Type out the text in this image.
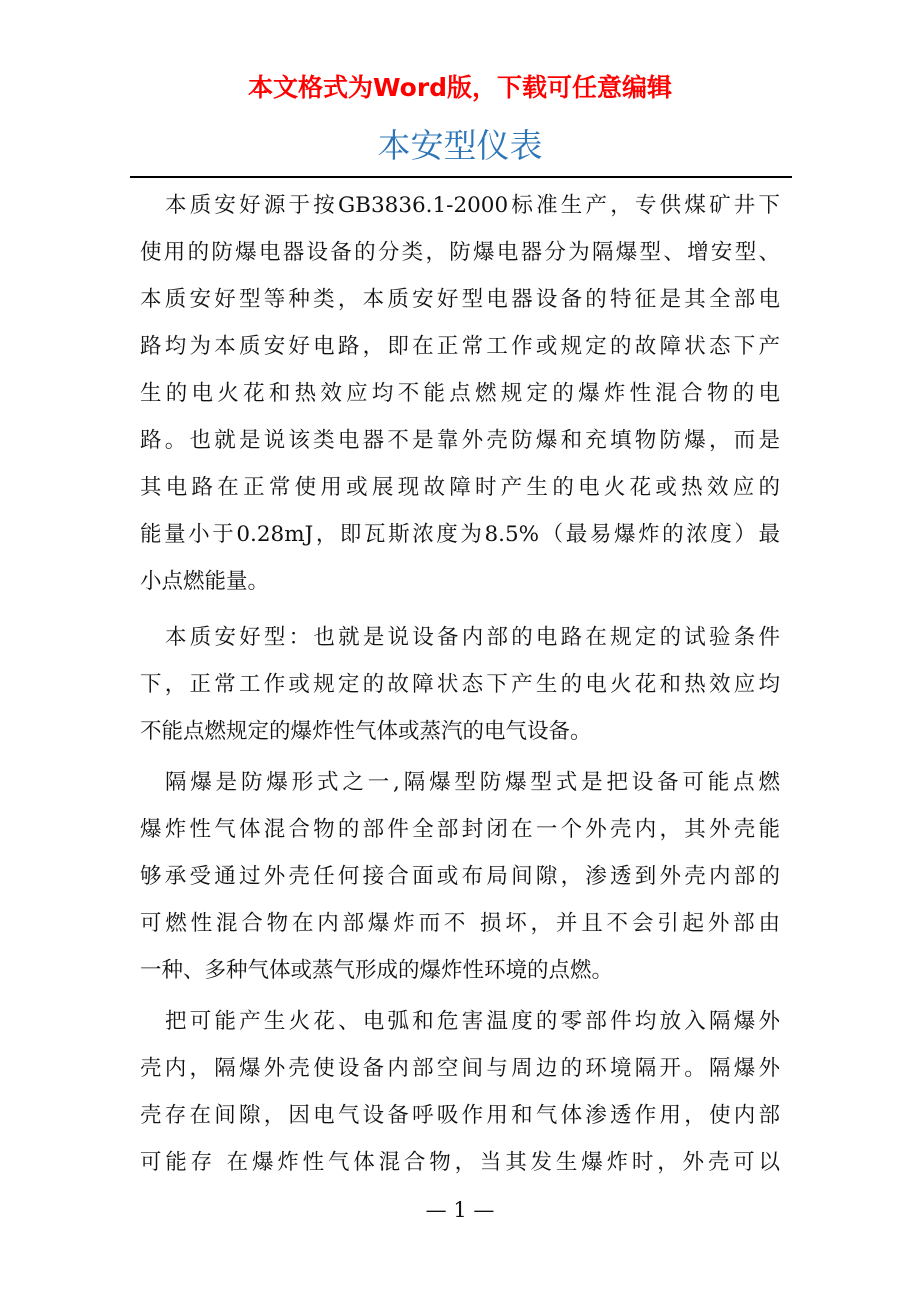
本文格式为Word版，下载可任意编辑
本安型仪表
本质安好源于按GB3836.1-2000标准生产，专供煤矿井下
使用的防爆电器设备的分类，防爆电器分为隔爆型、增安型、
本质安好型等种类，本质安好型电器设备的特征是其全部电
路均为本质安好电路，即在正常工作或规定的故障状态下产
生的电火花和热效应均不能点燃规定的爆炸性混合物的电
路。也就是说该类电器不是靠外壳防爆和充填物防爆，而是
其电路在正常使用或展现故障时产生的电火花或热效应的
能量小于0.28mJ，即瓦斯浓度为8.5%（最易爆炸的浓度）最
小点燃能量。
本质安好型：也就是说设备内部的电路在规定的试验条件
下，正常工作或规定的故障状态下产生的电火花和热效应均
不能点燃规定的爆炸性气体或蒸汽的电气设备。
隔爆是防爆形式之一,隔爆型防爆型式是把设备可能点燃
爆炸性气体混合物的部件全部封闭在一个外壳内，其外壳能
够承受通过外壳任何接合面或布局间隙，渗透到外壳内部的
可燃性混合物在内部爆炸而不 损坏，并且不会引起外部由
一种、多种气体或蒸气形成的爆炸性环境的点燃。
把可能产生火花、电弧和危害温度的零部件均放入隔爆外
壳内，隔爆外壳使设备内部空间与周边的环境隔开。隔爆外
壳存在间隙，因电气设备呼吸作用和气体渗透作用，使内部
可能存 在爆炸性气体混合物，当其发生爆炸时，外壳可以
— 1 —
